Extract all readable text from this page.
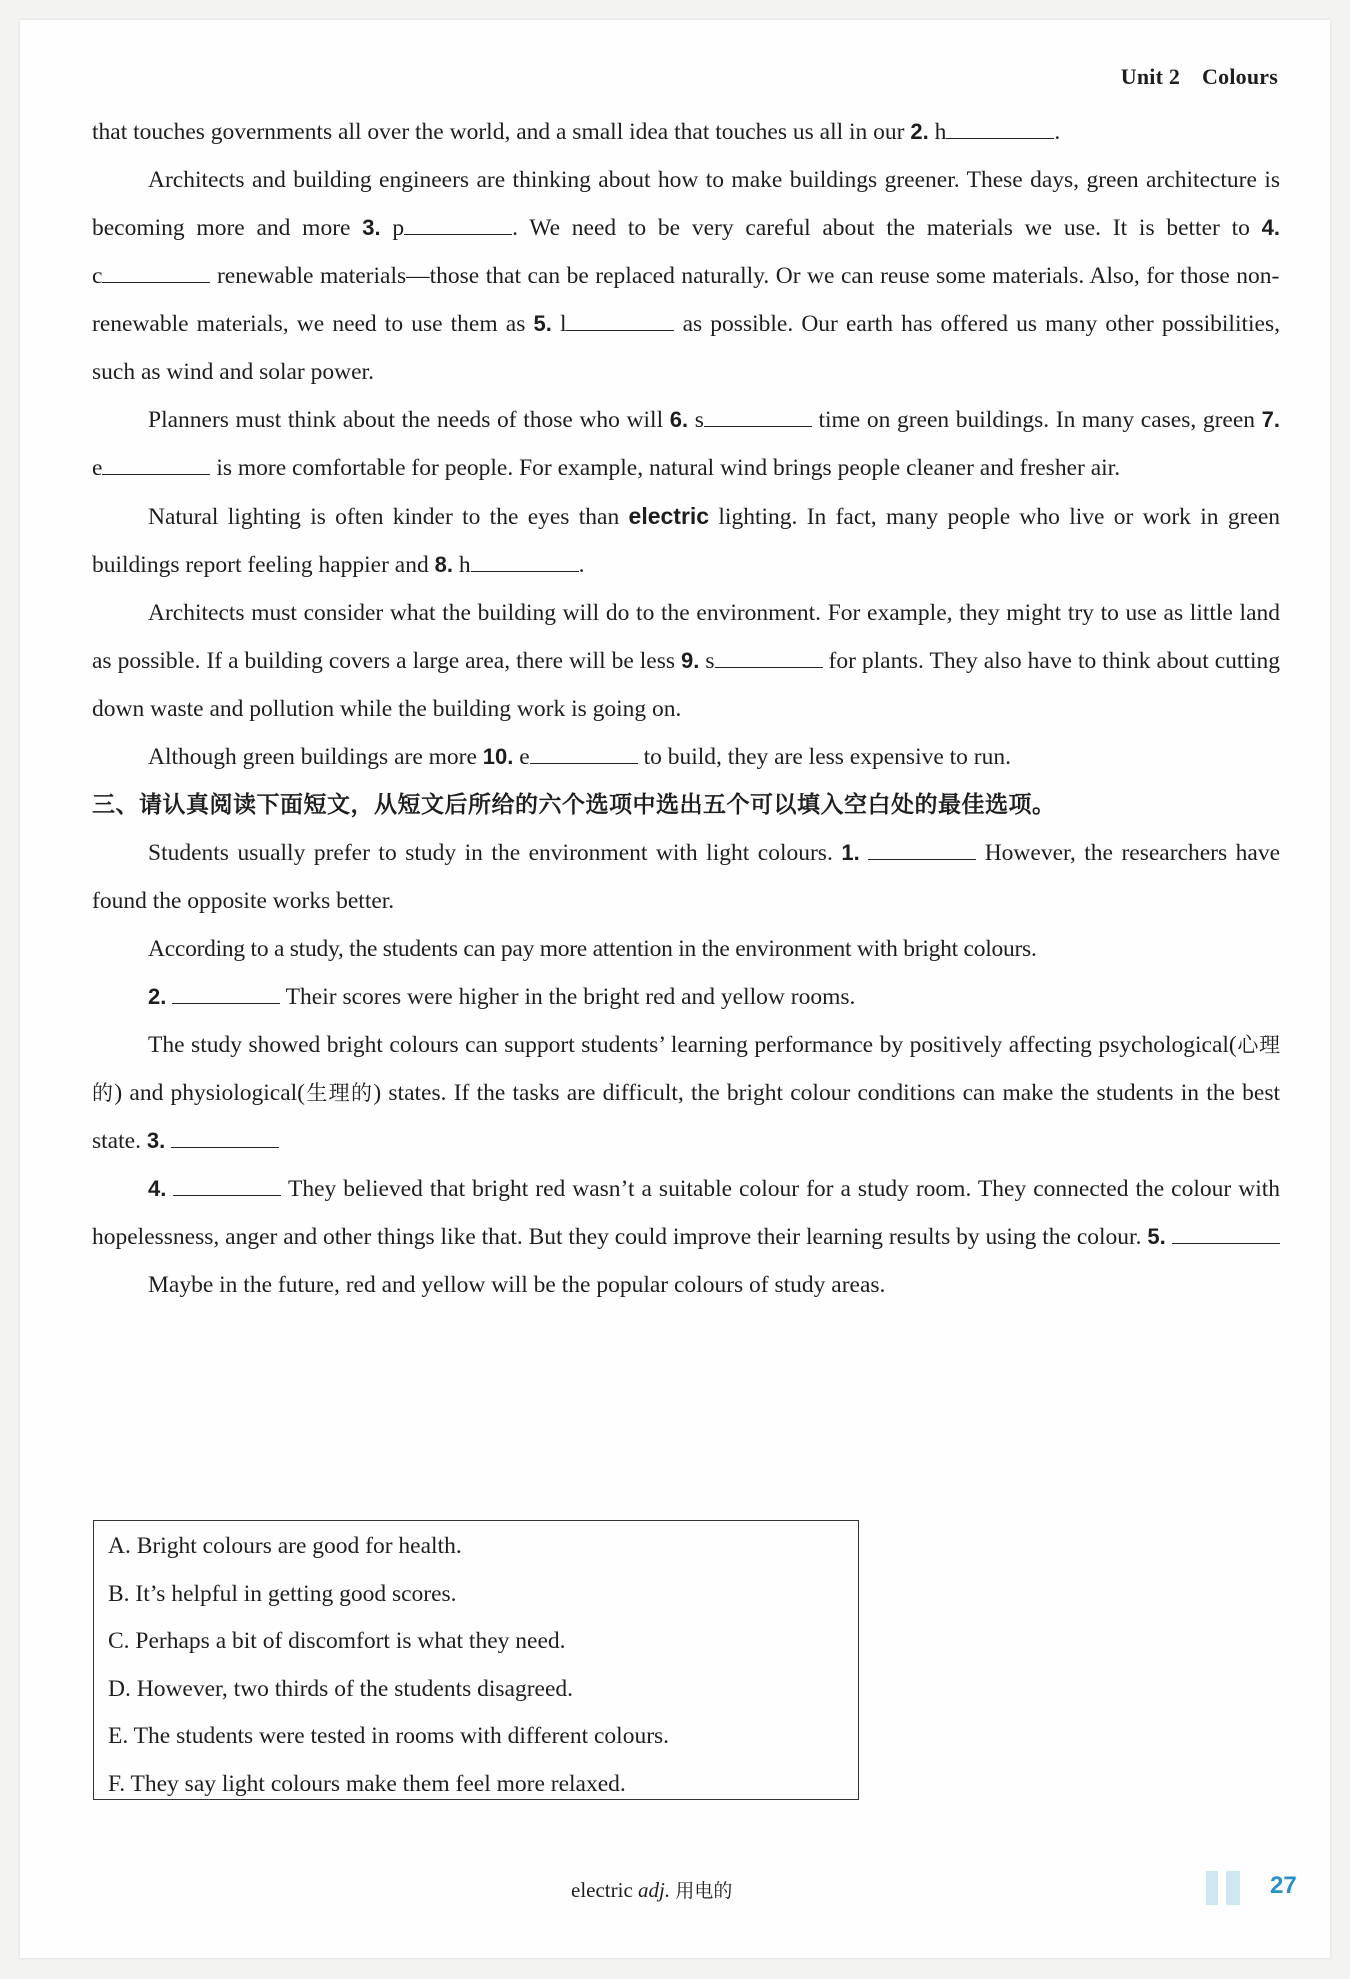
Unit 2 Colours

that touches governments all over the world, and a small idea that touches us all in our 2. h	.

Architects and building engineers are thinking about how to make buildings greener. These days, green architecture is becoming more and more 3. p	. We need to be very careful about the materials we use. It is better to 4. c	renewable materials—those that can be replaced naturally. Or we can reuse some materials. Also, for those non-renewable materials, we need to use them as 5. l	as possible. Our earth has offered us many other possibilities, such as wind and solar power.

Planners must think about the needs of those who will 6. s	time on green buildings. In many cases, green 7. e	is more comfortable for people. For example, natural wind brings people cleaner and fresher air.

Natural lighting is often kinder to the eyes than electric lighting. In fact, many people who live or work in green buildings report feeling happier and 8. h	.

Architects must consider what the building will do to the environment. For example, they might try to use as little land as possible. If a building covers a large area, there will be less 9. s	for plants. They also have to think about cutting down waste and pollution while the building work is going on.

Although green buildings are more 10. e	to build, they are less expensive to run.

三、请认真阅读下面短文，从短文后所给的六个选项中选出五个可以填入空白处的最佳选项。

Students usually prefer to study in the environment with light colours. 1.	However, the researchers have found the opposite works better.

According to a study, the students can pay more attention in the environment with bright colours.

2.	Their scores were higher in the bright red and yellow rooms.

The study showed bright colours can support students’ learning performance by positively affecting psychological(心理的) and physiological(生理的) states. If the tasks are difficult, the bright colour conditions can make the students in the best state. 3.

4.	They believed that bright red wasn’t a suitable colour for a study room. They connected the colour with hopelessness, anger and other things like that. But they could improve their learning results by using the colour. 5.

Maybe in the future, red and yellow will be the popular colours of study areas.

A. Bright colours are good for health.
B. It’s helpful in getting good scores.
C. Perhaps a bit of discomfort is what they need.
D. However, two thirds of the students disagreed.
E. The students were tested in rooms with different colours.
F. They say light colours make them feel more relaxed.
electric adj. 用电的	27
